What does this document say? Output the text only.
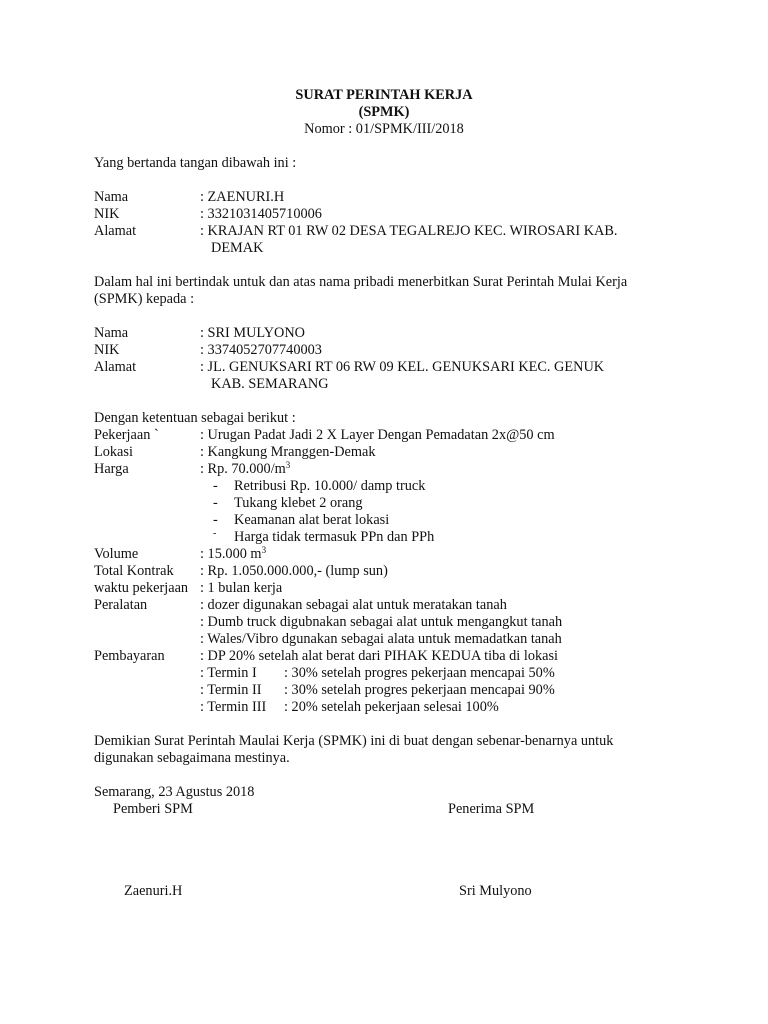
SURAT PERINTAH KERJA
(SPMK)
Nomor : 01/SPMK/III/2018
Yang bertanda tangan dibawah ini :
Nama	: ZAENURI.H
NIK	: 3321031405710006
Alamat	: KRAJAN RT 01 RW 02 DESA TEGALREJO KEC. WIROSARI KAB.
DEMAK
Dalam hal ini bertindak untuk dan atas nama pribadi menerbitkan Surat Perintah Mulai Kerja
(SPMK) kepada :
Nama	: SRI MULYONO
NIK	: 3374052707740003
Alamat	: JL. GENUKSARI RT 06 RW 09 KEL. GENUKSARI KEC. GENUK
KAB. SEMARANG
Dengan ketentuan sebagai berikut :
Pekerjaan `	: Urugan Padat Jadi 2 X Layer Dengan Pemadatan 2x@50 cm
Lokasi	: Kangkung Mranggen-Demak
Harga	: Rp. $70.000/m^3$
- Retribusi Rp. 10.000/ damp truck
- Tukang klebet 2 orang
- Keamanan alat berat lokasi
- Harga tidak termasuk PPn dan PPh
Volume	: 15.000 $m^3$
Total Kontrak : Rp. 1.050.000.000,- (lump sun)
waktu pekerjaan : 1 bulan kerja
Peralatan	: dozer digunakan sebagai alat untuk meratakan tanah
: Dumb truck digubnakan sebagai alat untuk mengangkut tanah
: Wales/Vibro dgunakan sebagai alata untuk memadatkan tanah
Pembayaran : DP 20% setelah alat berat dari PIHAK KEDUA tiba di lokasi
: Termin I : 30% setelah progres pekerjaan mencapai 50%
: Termin II : 30% setelah progres pekerjaan mencapai 90%
: Termin III : 20% setelah pekerjaan selesai 100%
Demikian Surat Perintah Maulai Kerja (SPMK) ini di buat dengan sebenar-benarnya untuk
digunakan sebagaimana mestinya.
Semarang, 23 Agustus 2018
Pemberi SPM	Penerima SPM
Zaenuri.H	Sri Mulyono
